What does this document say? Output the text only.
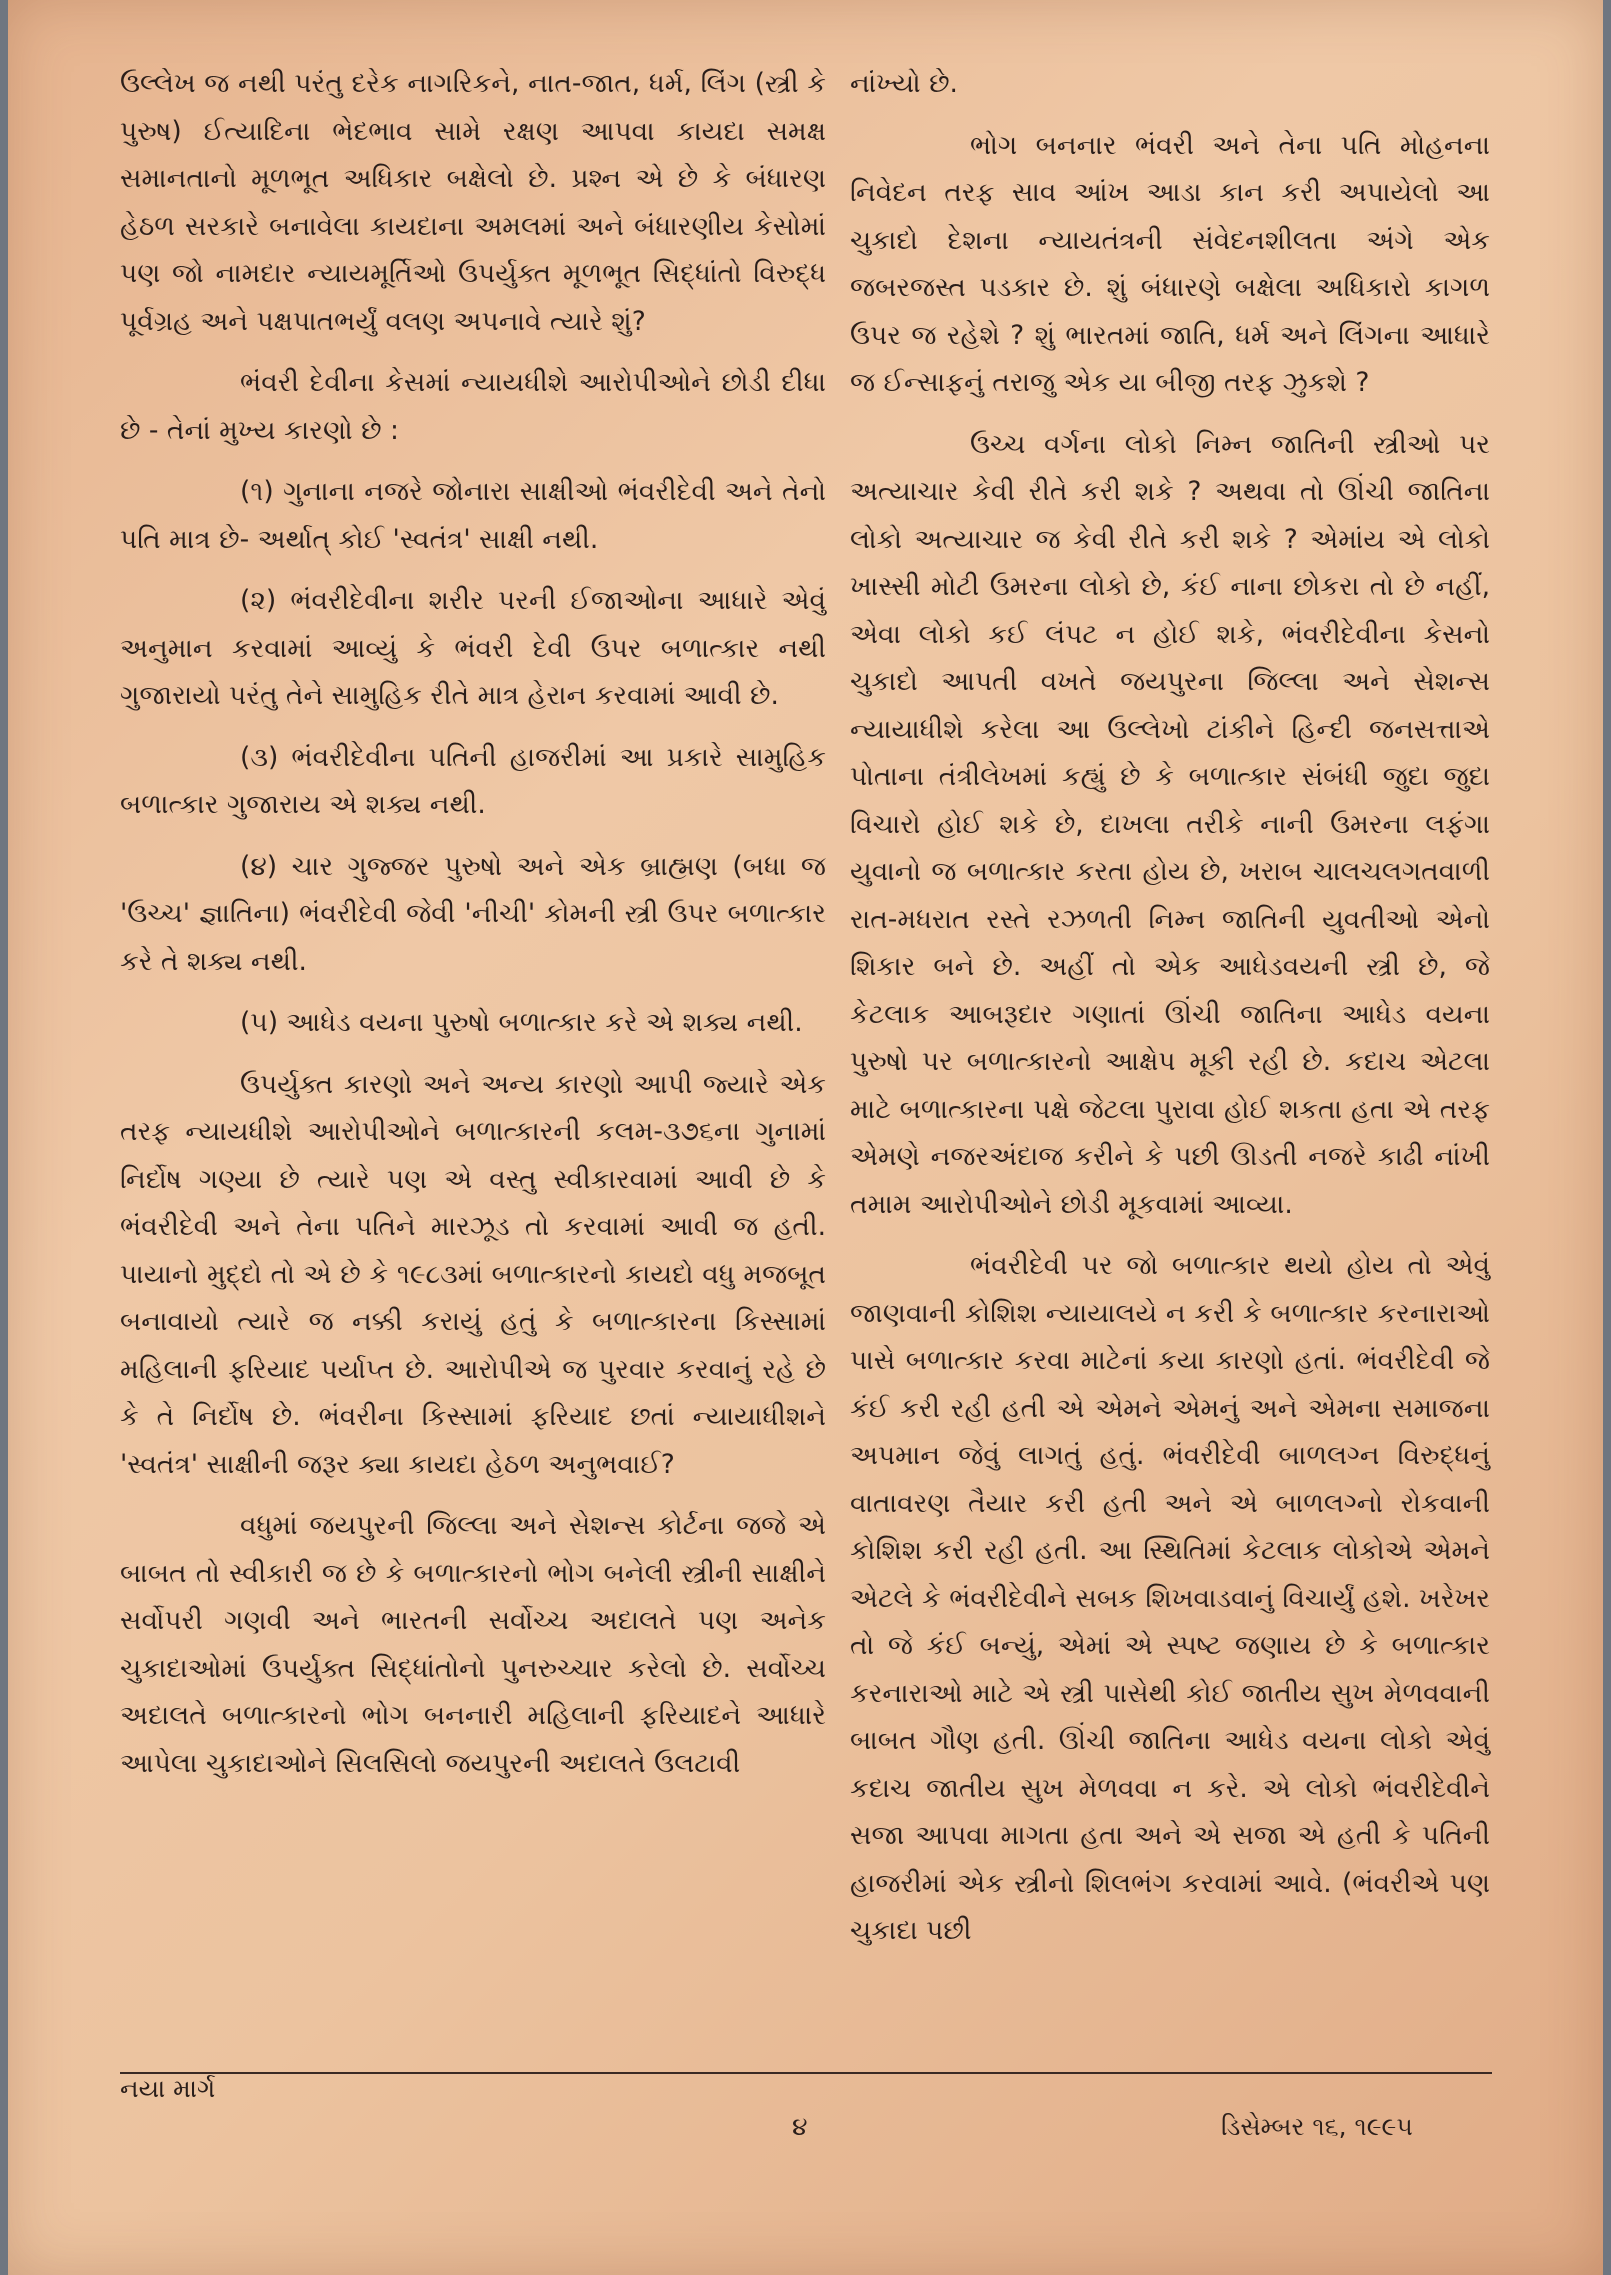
ઉલ્લેખ જ નથી પરંતુ દરેક નાગરિકને, નાત-જાત, ધર્મ, લિંગ (સ્ત્રી કે પુરુષ) ઈત્યાદિના ભેદભાવ સામે રક્ષણ આપવા કાયદા સમક્ષ સમાનતાનો મૂળભૂત અધિકાર બક્ષેલો છે. પ્રશ્ન એ છે કે બંધારણ હેઠળ સરકારે બનાવેલા કાયદાના અમલમાં અને બંધારણીય કેસોમાં પણ જો નામદાર ન્યાયમૂર્તિઓ ઉપર્યુક્ત મૂળભૂત સિદ્ધાંતો વિરુદ્ધ પૂર્વગ્રહ અને પક્ષપાતભર્યું વલણ અપનાવે ત્યારે શું?

ભંવરી દેવીના કેસમાં ન્યાયધીશે આરોપીઓને છોડી દીધા છે - તેનાં મુખ્ય કારણો છે :

(૧) ગુનાના નજરે જોનારા સાક્ષીઓ ભંવરીદેવી અને તેનો પતિ માત્ર છે- અર્થાત્ કોઈ 'સ્વતંત્ર' સાક્ષી નથી.

(૨) ભંવરીદેવીના શરીર પરની ઈજાઓના આધારે એવું અનુમાન કરવામાં આવ્યું કે ભંવરી દેવી ઉપર બળાત્કાર નથી ગુજારાયો પરંતુ તેને સામુહિક રીતે માત્ર હેરાન કરવામાં આવી છે.

(૩) ભંવરીદેવીના પતિની હાજરીમાં આ પ્રકારે સામુહિક બળાત્કાર ગુજારાય એ શક્ય નથી.

(૪) ચાર ગુજ્જર પુરુષો અને એક બ્રાહ્મણ (બધા જ 'ઉચ્ચ' જ્ઞાતિના) ભંવરીદેવી જેવી 'નીચી' કોમની સ્ત્રી ઉપર બળાત્કાર કરે તે શક્ય નથી.

(૫) આધેડ વયના પુરુષો બળાત્કાર કરે એ શક્ય નથી.

ઉપર્યુક્ત કારણો અને અન્ય કારણો આપી જ્યારે એક તરફ ન્યાયધીશે આરોપીઓને બળાત્કારની કલમ-૩૭૬ના ગુનામાં નિર્દોષ ગણ્યા છે ત્યારે પણ એ વસ્તુ સ્વીકારવામાં આવી છે કે ભંવરીદેવી અને તેના પતિને મારઝૂડ તો કરવામાં આવી જ હતી. પાયાનો મુદ્દો તો એ છે કે ૧૯૮૩માં બળાત્કારનો કાયદો વધુ મજબૂત બનાવાયો ત્યારે જ નક્કી કરાયું હતું કે બળાત્કારના કિસ્સામાં મહિલાની ફરિયાદ પર્યાપ્ત છે. આરોપીએ જ પુરવાર કરવાનું રહે છે કે તે નિર્દોષ છે. ભંવરીના કિસ્સામાં ફરિયાદ છતાં ન્યાયાધીશને 'સ્વતંત્ર' સાક્ષીની જરૂર ક્યા કાયદા હેઠળ અનુભવાઈ?

વધુમાં જયપુરની જિલ્લા અને સેશન્સ કોર્ટના જજે એ બાબત તો સ્વીકારી જ છે કે બળાત્કારનો ભોગ બનેલી સ્ત્રીની સાક્ષીને સર્વોપરી ગણવી અને ભારતની સર્વોચ્ચ અદાલતે પણ અનેક ચુકાદાઓમાં ઉપર્યુક્ત સિદ્ધાંતોનો પુનરુચ્ચાર કરેલો છે. સર્વોચ્ચ અદાલતે બળાત્કારનો ભોગ બનનારી મહિલાની ફરિયાદને આધારે આપેલા ચુકાદાઓને સિલસિલો જયપુરની અદાલતે ઉલટાવી

નાંખ્યો છે.

ભોગ બનનાર ભંવરી અને તેના પતિ મોહનના નિવેદન તરફ સાવ આંખ આડા કાન કરી અપાયેલો આ ચુકાદો દેશના ન્યાયતંત્રની સંવેદનશીલતા અંગે એક જબરજસ્ત પડકાર છે. શું બંધારણે બક્ષેલા અધિકારો કાગળ ઉપર જ રહેશે ? શું ભારતમાં જાતિ, ધર્મ અને લિંગના આધારે જ ઈન્સાફનું તરાજુ એક યા બીજી તરફ ઝુકશે ?

ઉચ્ચ વર્ગના લોકો નિમ્ન જાતિની સ્ત્રીઓ પર અત્યાચાર કેવી રીતે કરી શકે ? અથવા તો ઊંચી જાતિના લોકો અત્યાચાર જ કેવી રીતે કરી શકે ? એમાંય એ લોકો ખાસ્સી મોટી ઉમરના લોકો છે, કંઈ નાના છોકરા તો છે નહીં, એવા લોકો કઈ લંપટ ન હોઈ શકે, ભંવરીદેવીના કેસનો ચુકાદો આપતી વખતે જયપુરના જિલ્લા અને સેશન્સ ન્યાયાધીશે કરેલા આ ઉલ્લેખો ટાંકીને હિન્દી જનસત્તાએ પોતાના તંત્રીલેખમાં કહ્યું છે કે બળાત્કાર સંબંધી જુદા જુદા વિચારો હોઈ શકે છે, દાખલા તરીકે નાની ઉમરના લફંગા યુવાનો જ બળાત્કાર કરતા હોય છે, ખરાબ ચાલચલગતવાળી રાત-મધરાત રસ્તે રઝળતી નિમ્ન જાતિની યુવતીઓ એનો શિકાર બને છે. અહીં તો એક આધેડવયની સ્ત્રી છે, જે કેટલાક આબરૂદાર ગણાતાં ઊંચી જાતિના આધેડ વયના પુરુષો પર બળાત્કારનો આક્ષેપ મૂકી રહી છે. કદાચ એટલા માટે બળાત્કારના પક્ષે જેટલા પુરાવા હોઈ શકતા હતા એ તરફ એમણે નજરઅંદાજ કરીને કે પછી ઊડતી નજરે કાઢી નાંખી તમામ આરોપીઓને છોડી મૂકવામાં આવ્યા.

ભંવરીદેવી પર જો બળાત્કાર થયો હોય તો એવું જાણવાની કોશિશ ન્યાયાલયે ન કરી કે બળાત્કાર કરનારાઓ પાસે બળાત્કાર કરવા માટેનાં કયા કારણો હતાં. ભંવરીદેવી જે કંઈ કરી રહી હતી એ એમને એમનું અને એમના સમાજના અપમાન જેવું લાગતું હતું. ભંવરીદેવી બાળલગ્ન વિરુદ્ધનું વાતાવરણ તૈયાર કરી હતી અને એ બાળલગ્નો રોકવાની કોશિશ કરી રહી હતી. આ સ્થિતિમાં કેટલાક લોકોએ એમને એટલે કે ભંવરીદેવીને સબક શિખવાડવાનું વિચાર્યું હશે. ખરેખર તો જે કંઈ બન્યું, એમાં એ સ્પષ્ટ જણાય છે કે બળાત્કાર કરનારાઓ માટે એ સ્ત્રી પાસેથી કોઈ જાતીય સુખ મેળવવાની બાબત ગૌણ હતી. ઊંચી જાતિના આધેડ વયના લોકો એવું કદાચ જાતીય સુખ મેળવવા ન કરે. એ લોકો ભંવરીદેવીને સજા આપવા માગતા હતા અને એ સજા એ હતી કે પતિની હાજરીમાં એક સ્ત્રીનો શિલભંગ કરવામાં આવે. (ભંવરીએ પણ ચુકાદા પછી

નયા માર્ગ
૪	ડિસેમ્બર ૧૬, ૧૯૯૫
